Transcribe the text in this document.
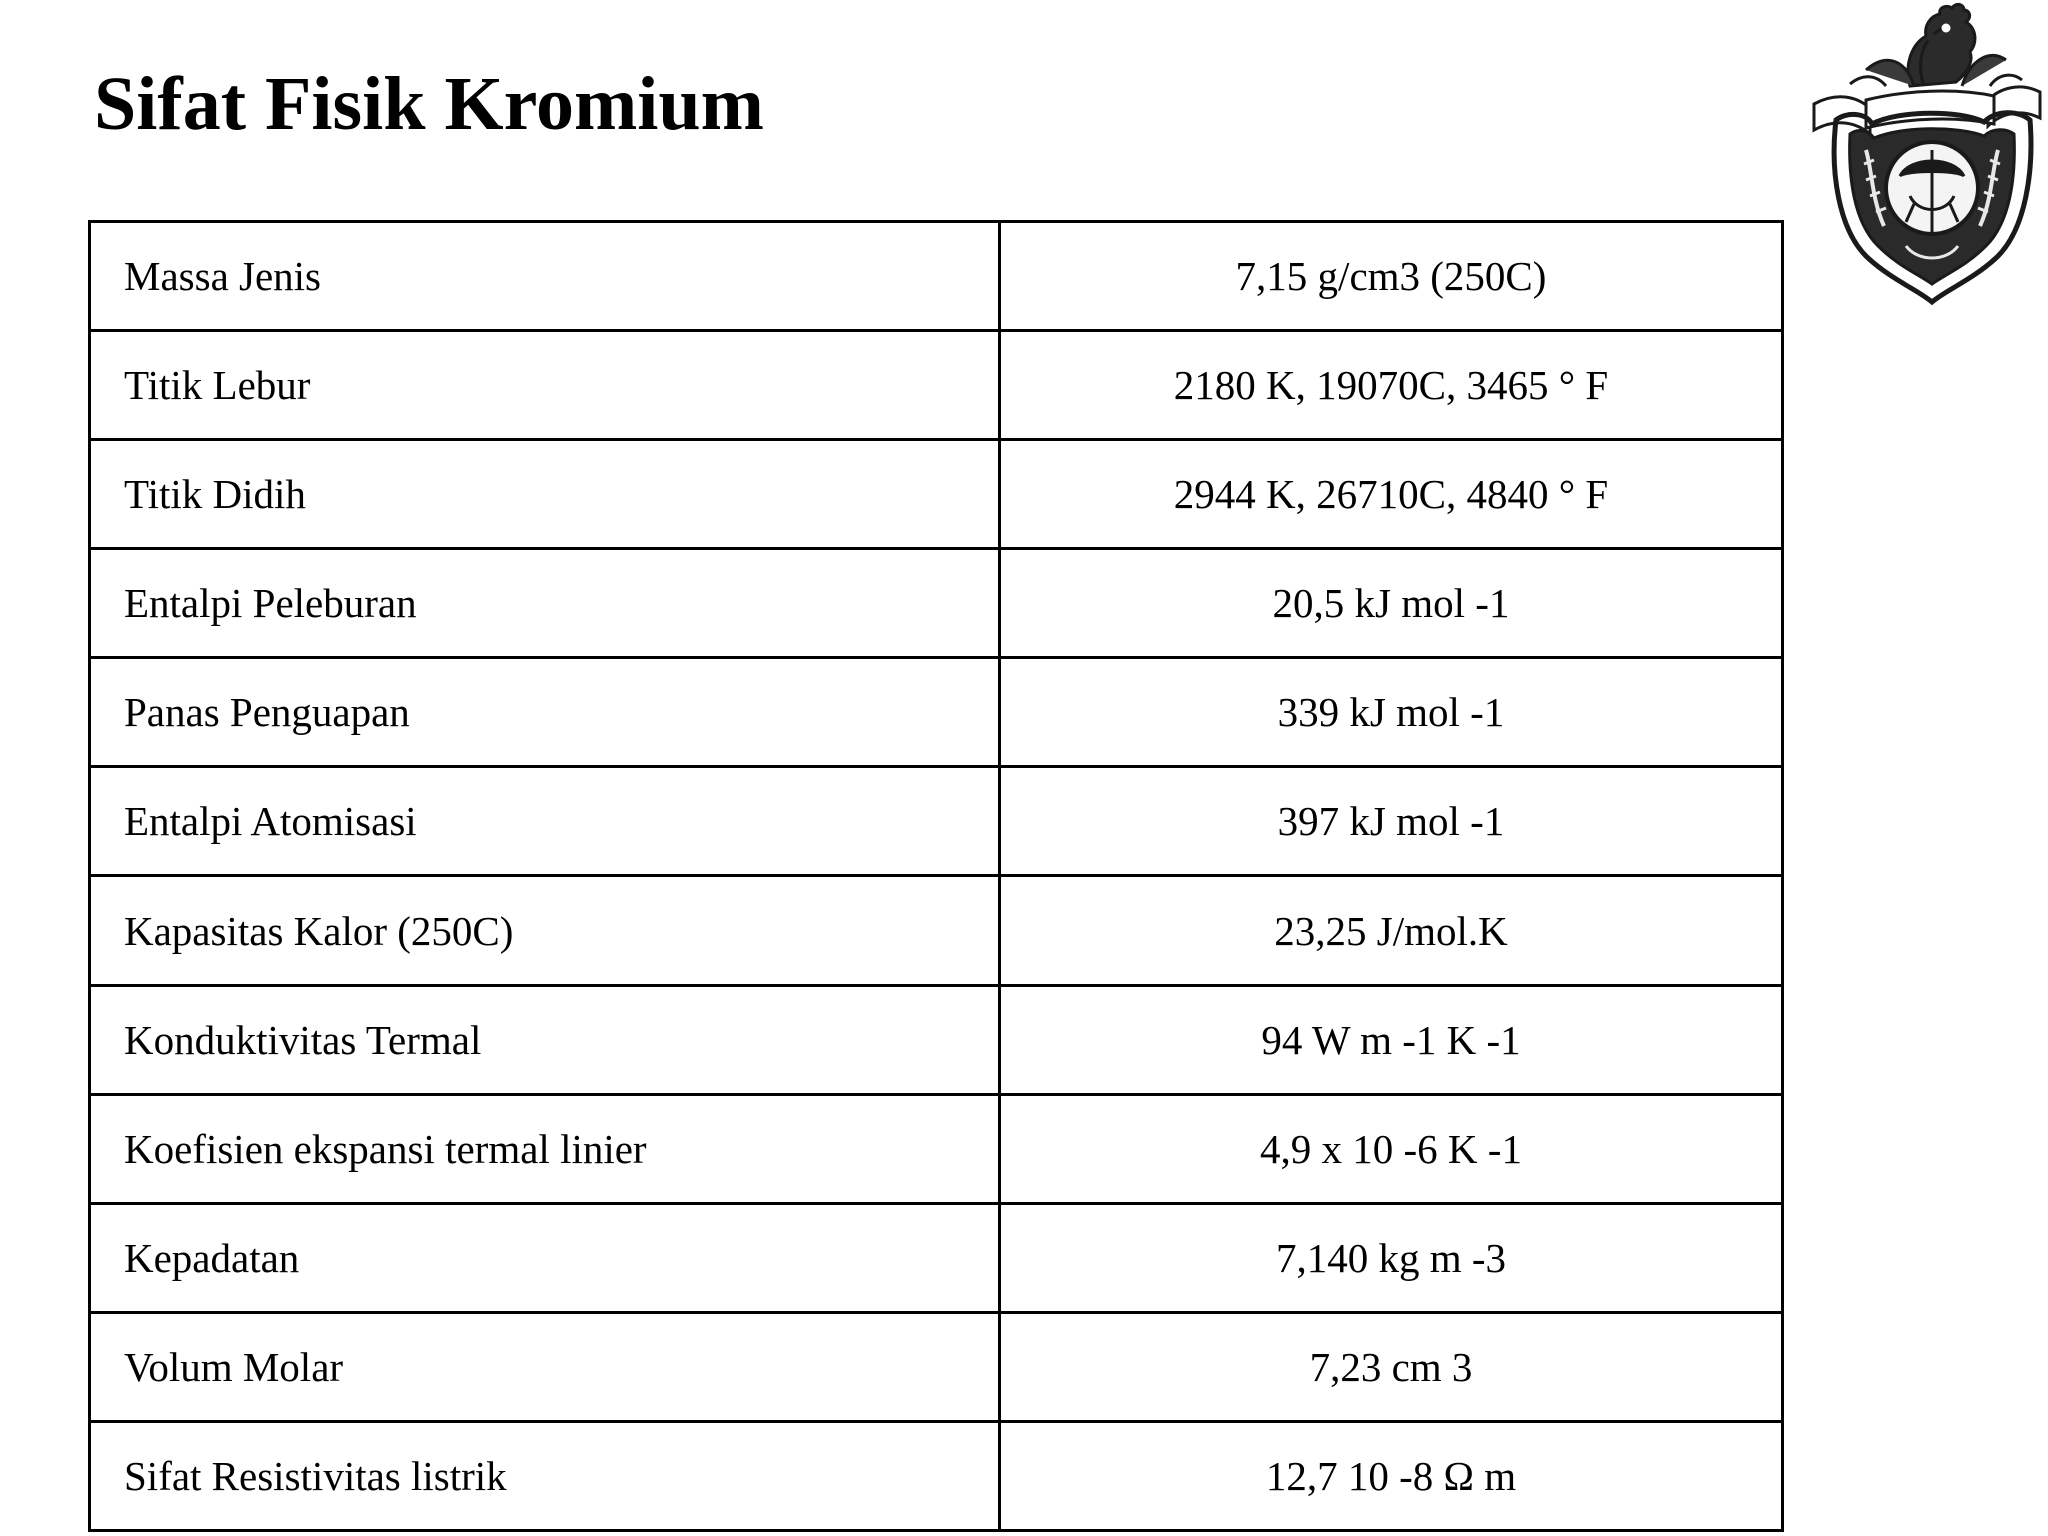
Sifat Fisik Kromium
Massa Jenis	7,15 g/cm3 (250C)
Titik Lebur	2180 K, 19070C, 3465 ° F
Titik Didih	2944 K, 26710C, 4840 ° F
Entalpi Peleburan	20,5 kJ mol -1
Panas Penguapan	339 kJ mol -1
Entalpi Atomisasi	397 kJ mol -1
Kapasitas Kalor (250C)	23,25 J/mol.K
Konduktivitas Termal	94 W m -1 K -1
Koefisien ekspansi termal linier	4,9 x 10 -6 K -1
Kepadatan	7,140 kg m -3
Volum Molar	7,23 cm 3
Sifat Resistivitas listrik	12,7 10 -8 Ω m
